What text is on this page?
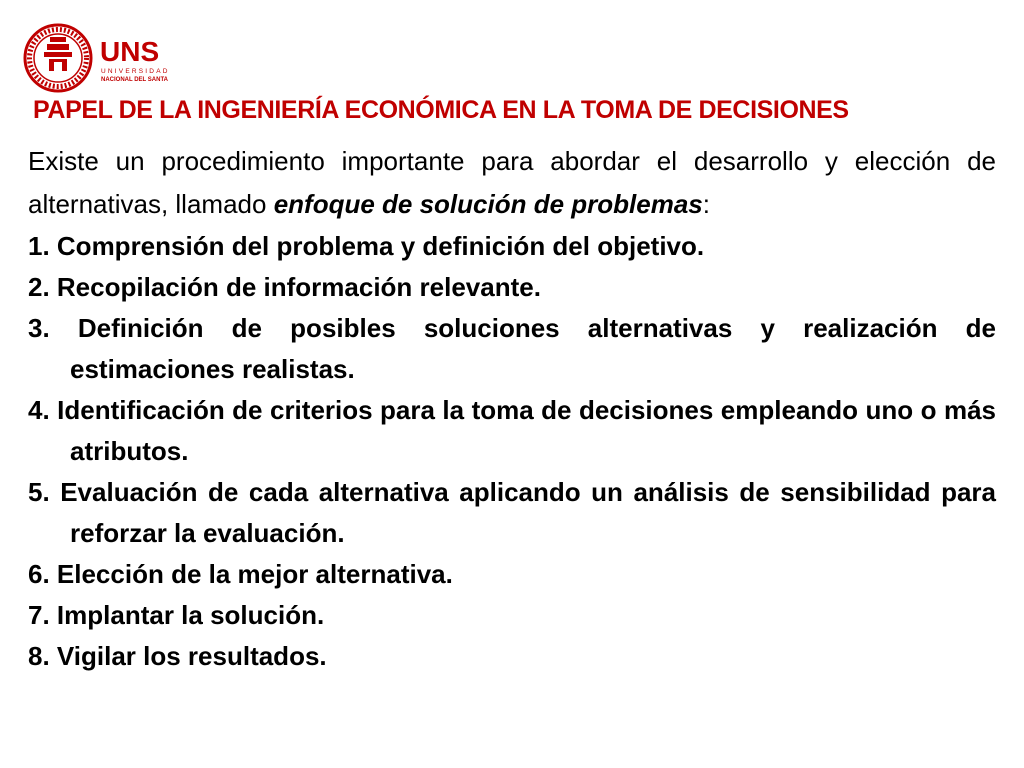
UNS
UNIVERSIDAD
NACIONAL DEL SANTA
PAPEL DE LA INGENIERÍA ECONÓMICA EN LA TOMA DE DECISIONES

Existe un procedimiento importante para abordar el desarrollo y elección de alternativas, llamado enfoque de solución de problemas:

1. Comprensión del problema y definición del objetivo.
2. Recopilación de información relevante.
3. Definición de posibles soluciones alternativas y realización de estimaciones realistas.
4. Identificación de criterios para la toma de decisiones empleando uno o más atributos.
5. Evaluación de cada alternativa aplicando un análisis de sensibilidad para reforzar la evaluación.
6. Elección de la mejor alternativa.
7. Implantar la solución.
8. Vigilar los resultados.
